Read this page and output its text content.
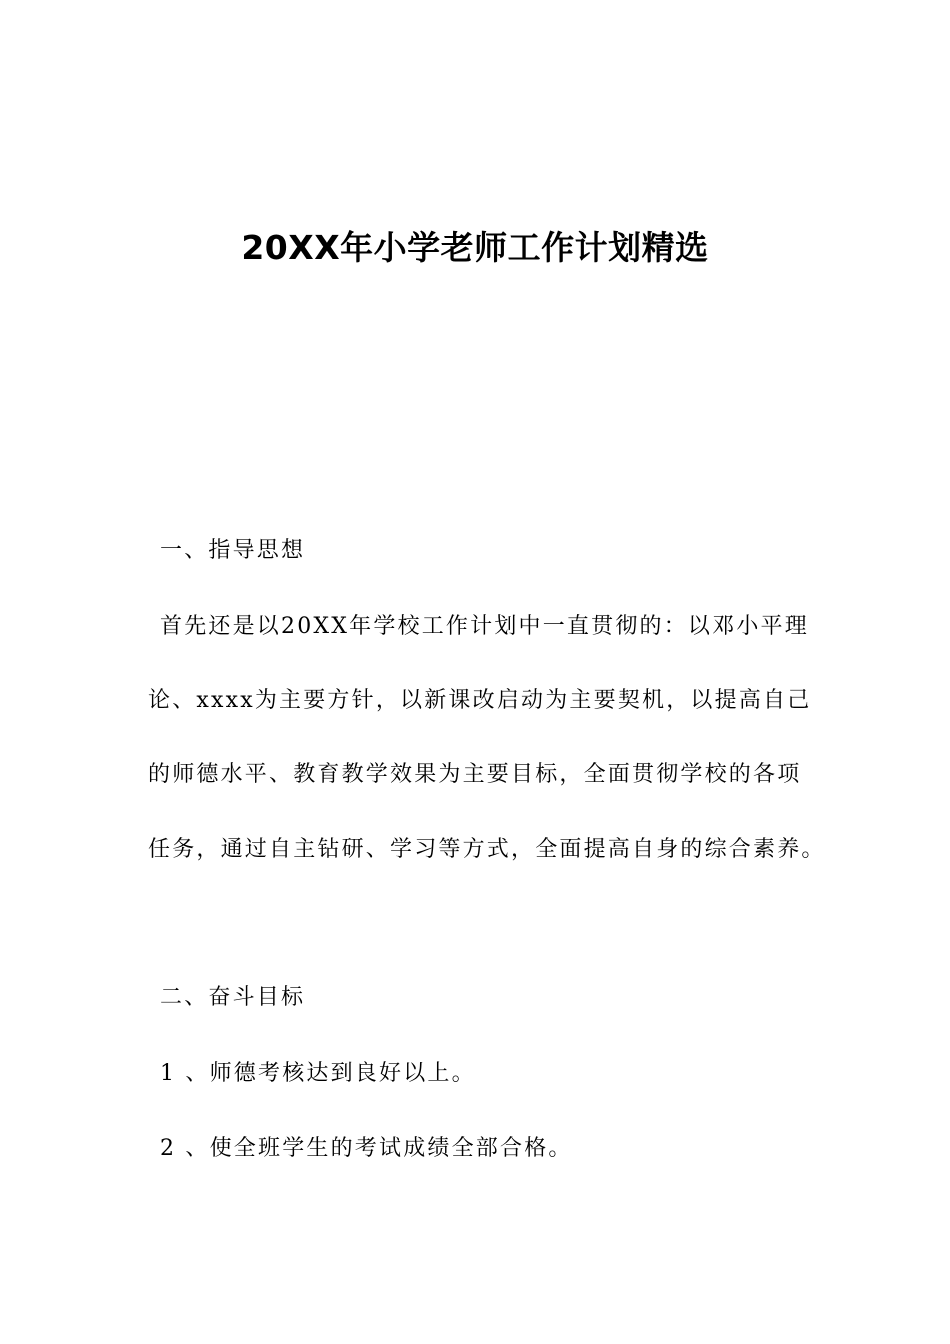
20XX年小学老师工作计划精选
一、指导思想
首先还是以20XX年学校工作计划中一直贯彻的：以邓小平理
论、xxxx为主要方针，以新课改启动为主要契机，以提高自己
的师德水平、教育教学效果为主要目标，全面贯彻学校的各项
任务，通过自主钻研、学习等方式，全面提高自身的综合素养。
二、奋斗目标
1 、师德考核达到良好以上。
2 、使全班学生的考试成绩全部合格。
